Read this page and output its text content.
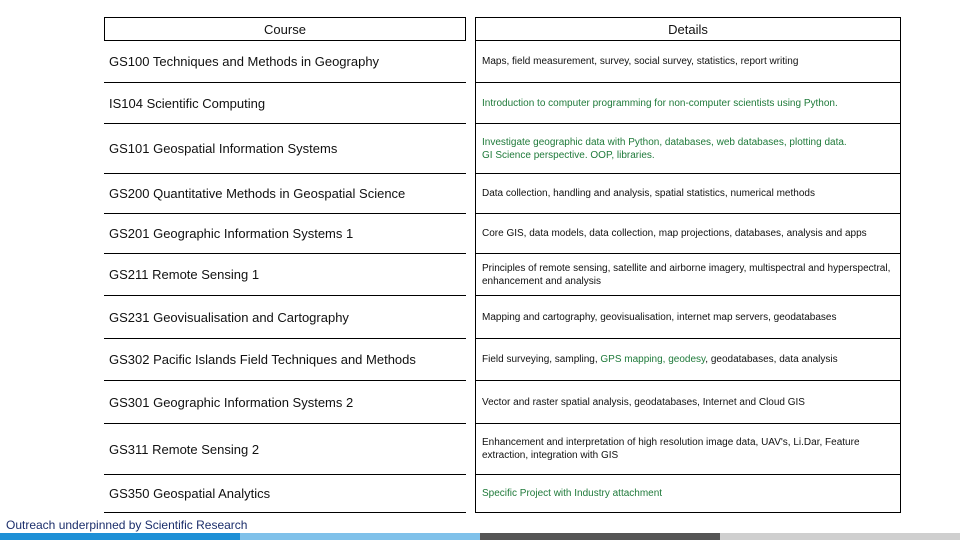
Course	Details
GS100 Techniques and Methods in Geography	Maps, field measurement, survey, social survey, statistics, report writing
IS104 Scientific Computing	Introduction to computer programming for non-computer scientists using Python.
GS101 Geospatial Information Systems	Investigate geographic data with Python, databases, web databases, plotting data.
GI Science perspective. OOP, libraries.
GS200 Quantitative Methods in Geospatial Science	Data collection, handling and analysis, spatial statistics, numerical methods
GS201 Geographic Information Systems 1	Core GIS, data models, data collection, map projections, databases, analysis and apps
GS211 Remote Sensing 1	Principles of remote sensing, satellite and airborne imagery, multispectral and hyperspectral, enhancement and analysis
GS231 Geovisualisation and Cartography	Mapping and cartography, geovisualisation, internet map servers, geodatabases
GS302 Pacific Islands Field Techniques and Methods	Field surveying, sampling, GPS mapping, geodesy, geodatabases, data analysis
GS301 Geographic Information Systems 2	Vector and raster spatial analysis, geodatabases, Internet and Cloud GIS
GS311 Remote Sensing 2	Enhancement and interpretation of high resolution image data, UAV's, Li.Dar, Feature extraction, integration with GIS
GS350 Geospatial Analytics	Specific Project with Industry attachment
Outreach underpinned by Scientific Research
